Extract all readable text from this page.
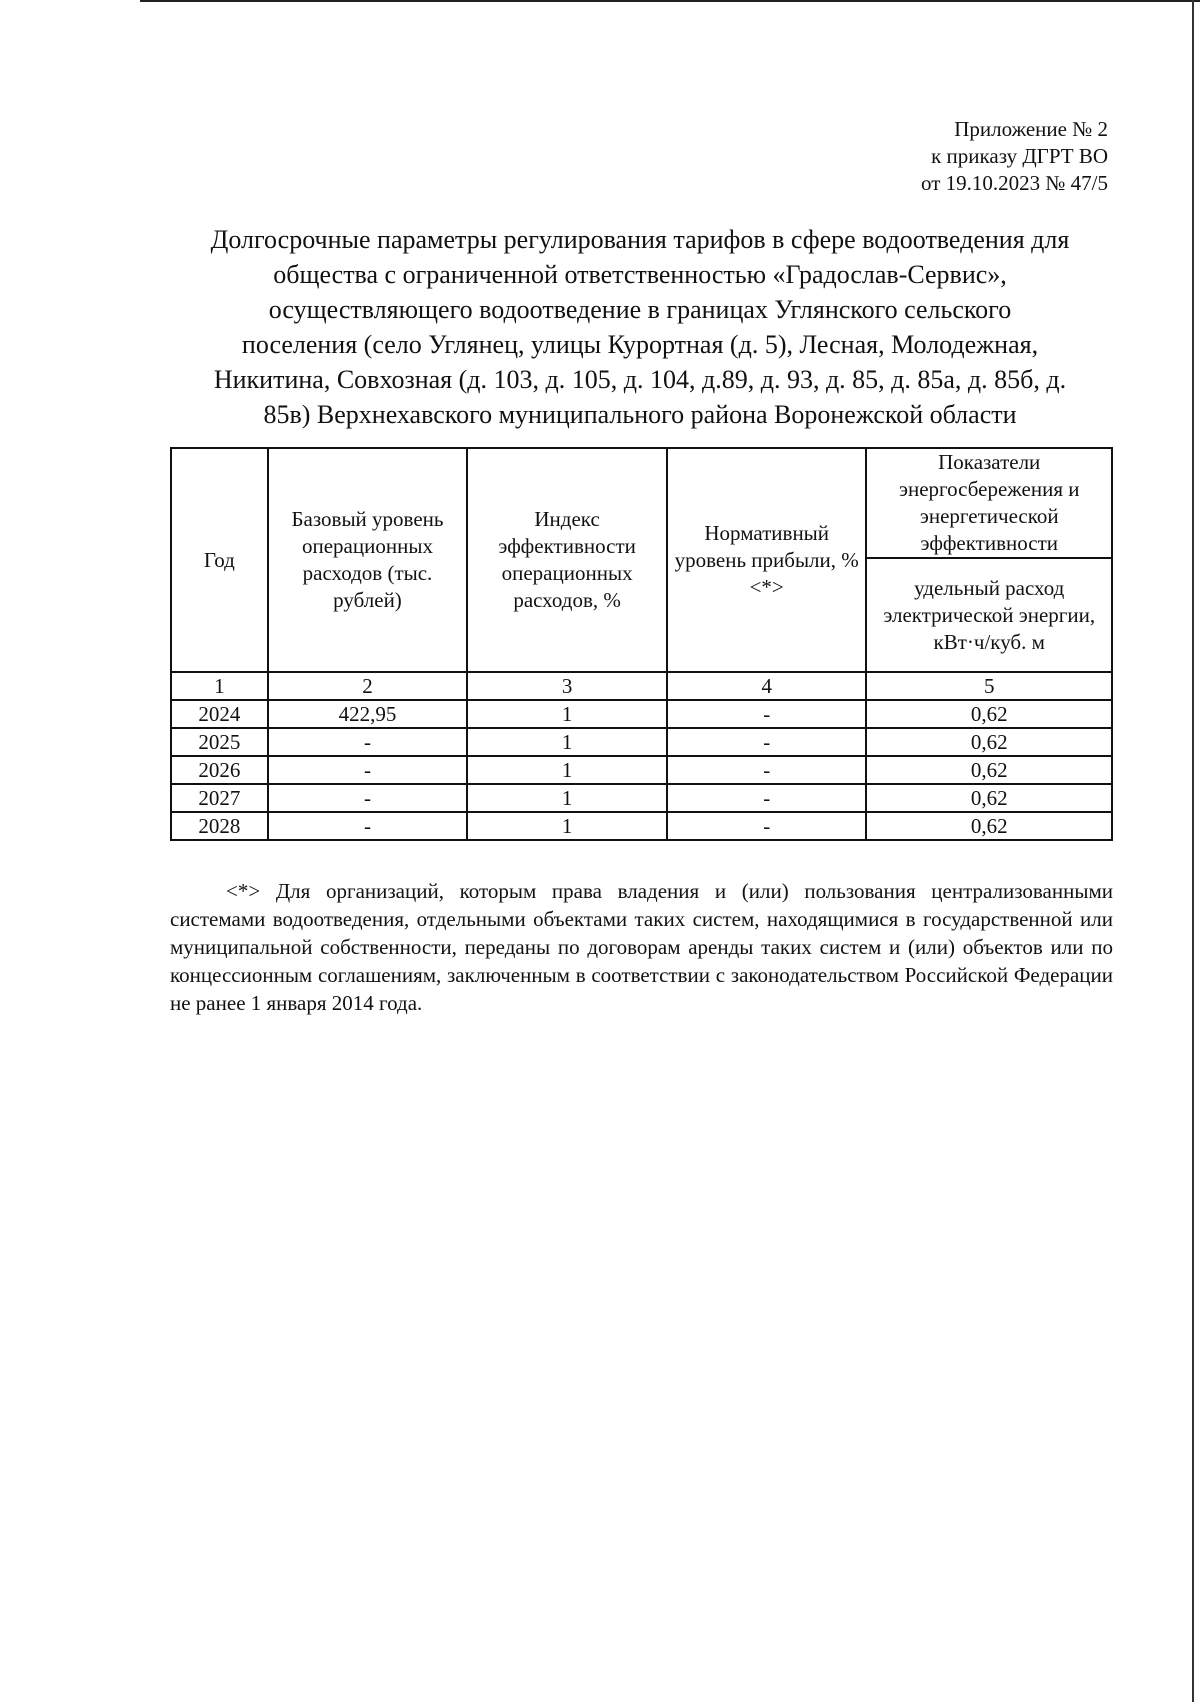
Приложение № 2
к приказу ДГРТ ВО
от 19.10.2023 № 47/5
Долгосрочные параметры регулирования тарифов в сфере водоотведения для
общества с ограниченной ответственностью «Градослав-Сервис»,
осуществляющего водоотведение в границах Углянского сельского
поселения (село Углянец, улицы Курортная (д. 5), Лесная, Молодежная,
Никитина, Совхозная (д. 103, д. 105, д. 104, д.89, д. 93, д. 85, д. 85а, д. 85б, д.
85в) Верхнехавского муниципального района Воронежской области
Год	Базовый уровень операционных расходов (тыс. рублей)	Индекс эффективности операционных расходов, %	Нормативный уровень прибыли, % <*>	Показатели энергосбережения и энергетической эффективности
				удельный расход электрической энергии, кВт·ч/куб. м
1	2	3	4	5
2024	422,95	1	-	0,62
2025	-	1	-	0,62
2026	-	1	-	0,62
2027	-	1	-	0,62
2028	-	1	-	0,62
<*> Для организаций, которым права владения и (или) пользования централизованными системами водоотведения, отдельными объектами таких систем, находящимися в государственной или муниципальной собственности, переданы по договорам аренды таких систем и (или) объектов или по концессионным соглашениям, заключенным в соответствии с законодательством Российской Федерации не ранее 1 января 2014 года.
